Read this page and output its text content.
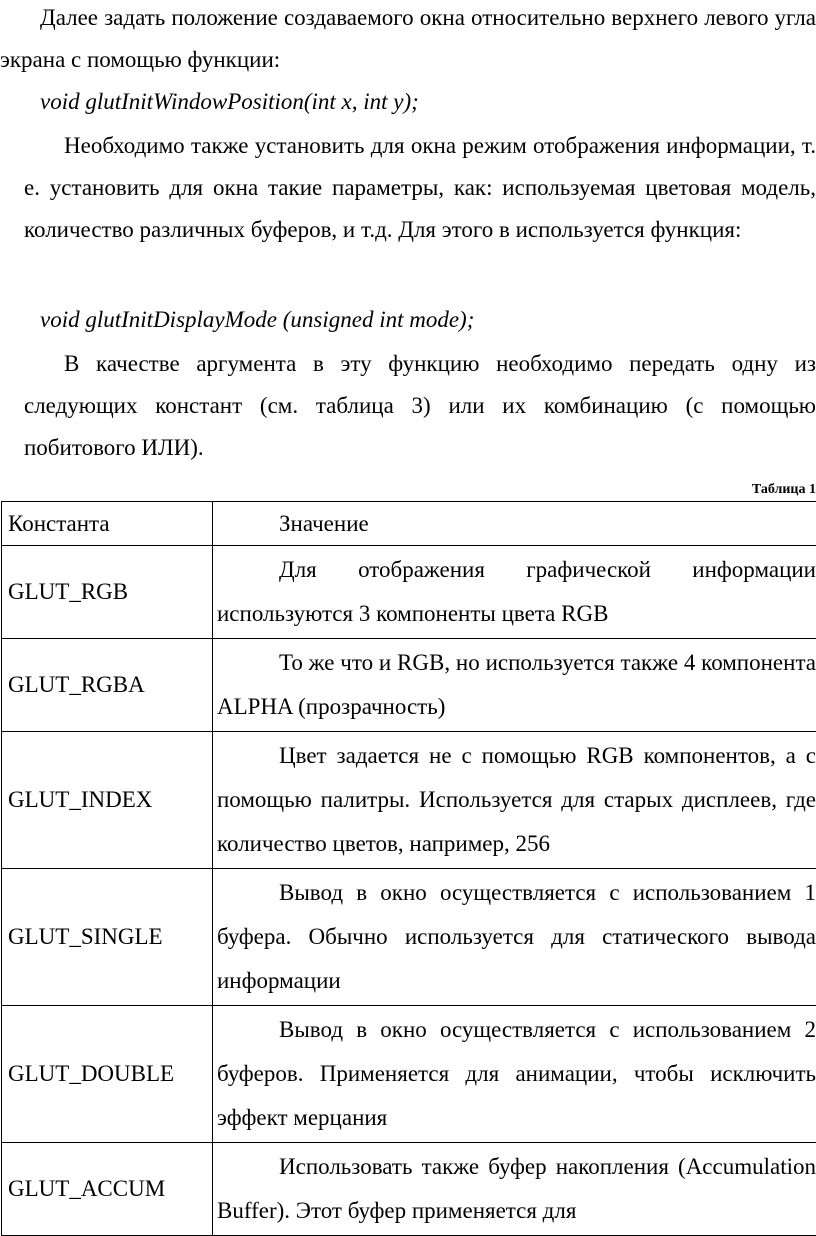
Далее задать положение создаваемого окна относительно верхнего левого угла экрана с помощью функции:

void glutInitWindowPosition(int x, int y);

Необходимо также установить для окна режим отображения информации, т. е. установить для окна такие параметры, как: используемая цветовая модель, количество различных буферов, и т.д. Для этого в используется функция:

void glutInitDisplayMode (unsigned int mode);

В качестве аргумента в эту функцию необходимо передать одну из следующих констант (см. таблица 3) или их комбинацию (с помощью побитового ИЛИ).

Таблица 1
Константа	Значение

GLUT_RGB	Для отображения графической информации используются 3 компоненты цвета RGB

GLUT_RGBA	То же что и RGB, но используется также 4 компонента ALPHA (прозрачность)

GLUT_INDEX	Цвет задается не с помощью RGB компонентов, а с помощью палитры. Используется для старых дисплеев, где количество цветов, например, 256

GLUT_SINGLE	Вывод в окно осуществляется с использованием 1 буфера. Обычно используется для статического вывода информации

GLUT_DOUBLE	Вывод в окно осуществляется с использованием 2 буферов. Применяется для анимации, чтобы исключить эффект мерцания

GLUT_ACCUM	Использовать также буфер накопления (Accumulation Buffer). Этот буфер применяется для
